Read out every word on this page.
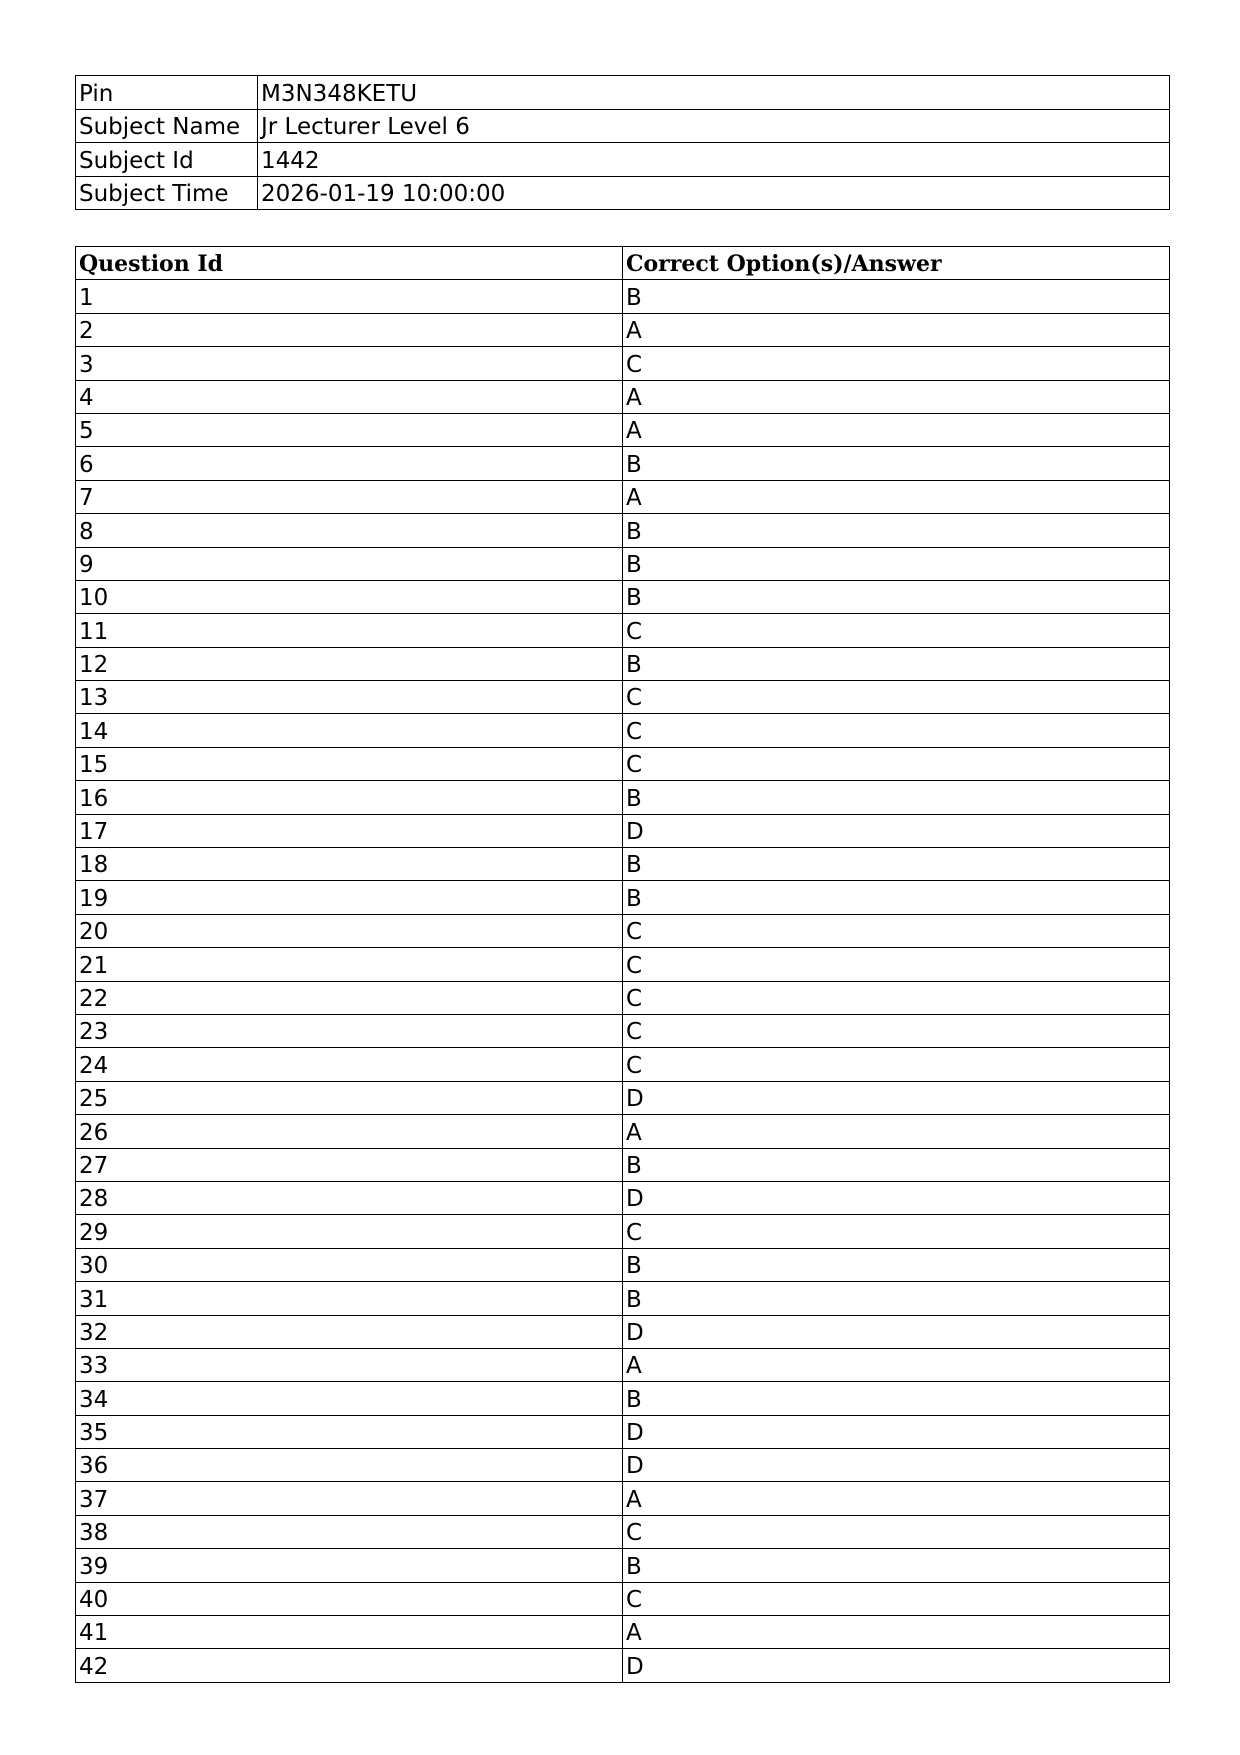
Pin	M3N348KETU
Subject Name	Jr Lecturer Level 6
Subject Id	1442
Subject Time	2026-01-19 10:00:00
Question Id	Correct Option(s)/Answer
1	B
2	A
3	C
4	A
5	A
6	B
7	A
8	B
9	B
10	B
11	C
12	B
13	C
14	C
15	C
16	B
17	D
18	B
19	B
20	C
21	C
22	C
23	C
24	C
25	D
26	A
27	B
28	D
29	C
30	B
31	B
32	D
33	A
34	B
35	D
36	D
37	A
38	C
39	B
40	C
41	A
42	D
